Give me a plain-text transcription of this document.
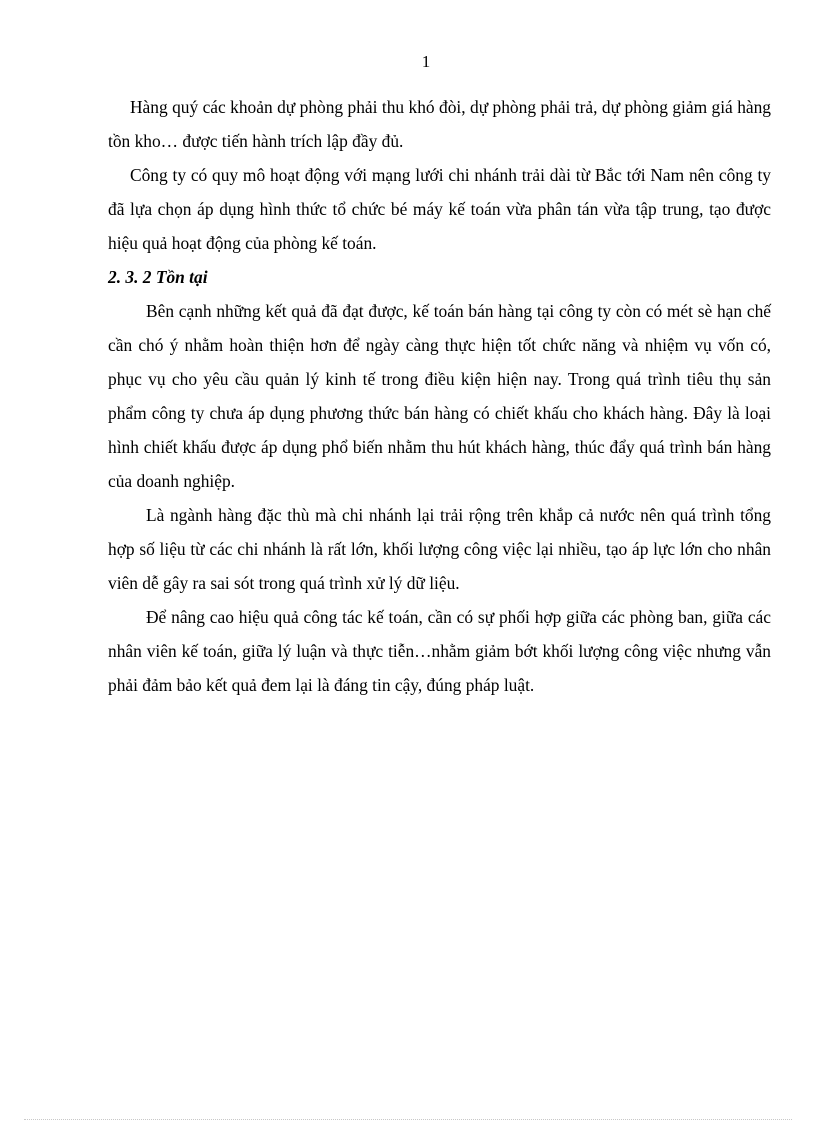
1

Hàng quý các khoản dự phòng phải thu khó đòi, dự phòng phải trả, dự phòng giảm giá hàng tồn kho… được tiến hành trích lập đầy đủ.

Công ty có quy mô hoạt động với mạng lưới chi nhánh trải dài từ Bắc tới Nam nên công ty đã lựa chọn áp dụng hình thức tổ chức bé máy kế toán vừa phân tán vừa tập trung, tạo được hiệu quả hoạt động của phòng kế toán.

2. 3. 2 Tồn tại

Bên cạnh những kết quả đã đạt được, kế toán bán hàng tại công ty còn có mét sè hạn chế cần chó ý nhằm hoàn thiện hơn để ngày càng thực hiện tốt chức năng và nhiệm vụ vốn có, phục vụ cho yêu cầu quản lý kinh tế trong điều kiện hiện nay. Trong quá trình tiêu thụ sản phẩm công ty chưa áp dụng phương thức bán hàng có chiết khấu cho khách hàng. Đây là loại hình chiết khấu được áp dụng phổ biến nhằm thu hút khách hàng, thúc đẩy quá trình bán hàng của doanh nghiệp.

Là ngành hàng đặc thù mà chi nhánh lại trải rộng trên khắp cả nước nên quá trình tổng hợp số liệu từ các chi nhánh là rất lớn, khối lượng công việc lại nhiều, tạo áp lực lớn cho nhân viên dễ gây ra sai sót trong quá trình xử lý dữ liệu.

Để nâng cao hiệu quả công tác kế toán, cần có sự phối hợp giữa các phòng ban, giữa các nhân viên kế toán, giữa lý luận và thực tiễn…nhằm giảm bớt khối lượng công việc nhưng vẫn phải đảm bảo kết quả đem lại là đáng tin cậy, đúng pháp luật.
